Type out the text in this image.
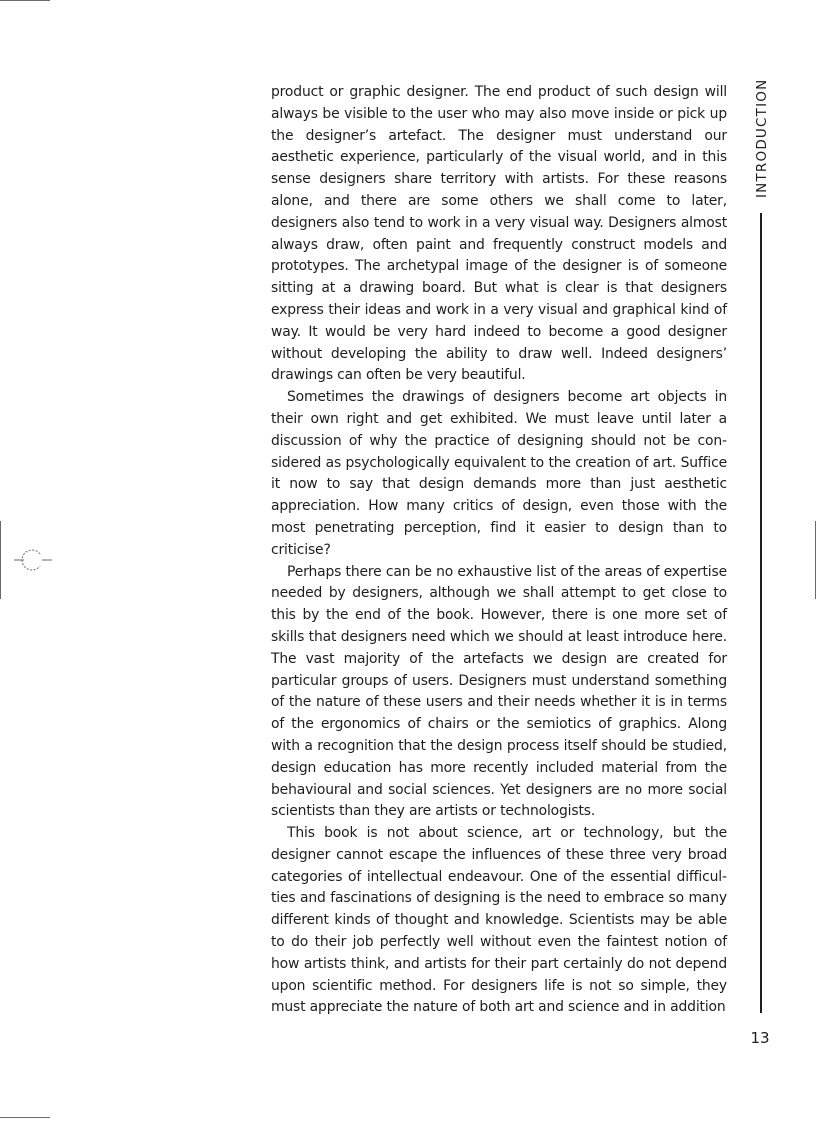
product or graphic designer. The end product of such design will always be visible to the user who may also move inside or pick up the designer’s artefact. The designer must understand our aesthetic experience, particularly of the visual world, and in this sense designers share territory with artists. For these reasons alone, and there are some others we shall come to later, designers also tend to work in a very visual way. Designers almost always draw, often paint and frequently construct models and prototypes. The archetypal image of the designer is of someone sitting at a drawing board. But what is clear is that designers express their ideas and work in a very visual and graphical kind of way. It would be very hard indeed to become a good designer without developing the ability to draw well. Indeed designers’ drawings can often be very beautiful.

Sometimes the drawings of designers become art objects in their own right and get exhibited. We must leave until later a discussion of why the practice of designing should not be considered as psychologically equivalent to the creation of art. Suffice it now to say that design demands more than just aesthetic appreciation. How many critics of design, even those with the most penetrating perception, find it easier to design than to criticise?

Perhaps there can be no exhaustive list of the areas of expertise needed by designers, although we shall attempt to get close to this by the end of the book. However, there is one more set of skills that designers need which we should at least introduce here. The vast majority of the artefacts we design are created for particular groups of users. Designers must understand something of the nature of these users and their needs whether it is in terms of the ergonomics of chairs or the semiotics of graphics. Along with a recognition that the design process itself should be studied, design education has more recently included material from the behavioural and social sciences. Yet designers are no more social scientists than they are artists or technologists.

This book is not about science, art or technology, but the designer cannot escape the influences of these three very broad categories of intellectual endeavour. One of the essential difficulties and fascinations of designing is the need to embrace so many different kinds of thought and knowledge. Scientists may be able to do their job perfectly well without even the faintest notion of how artists think, and artists for their part certainly do not depend upon scientific method. For designers life is not so simple, they must appreciate the nature of both art and science and in addition

INTRODUCTION
13
